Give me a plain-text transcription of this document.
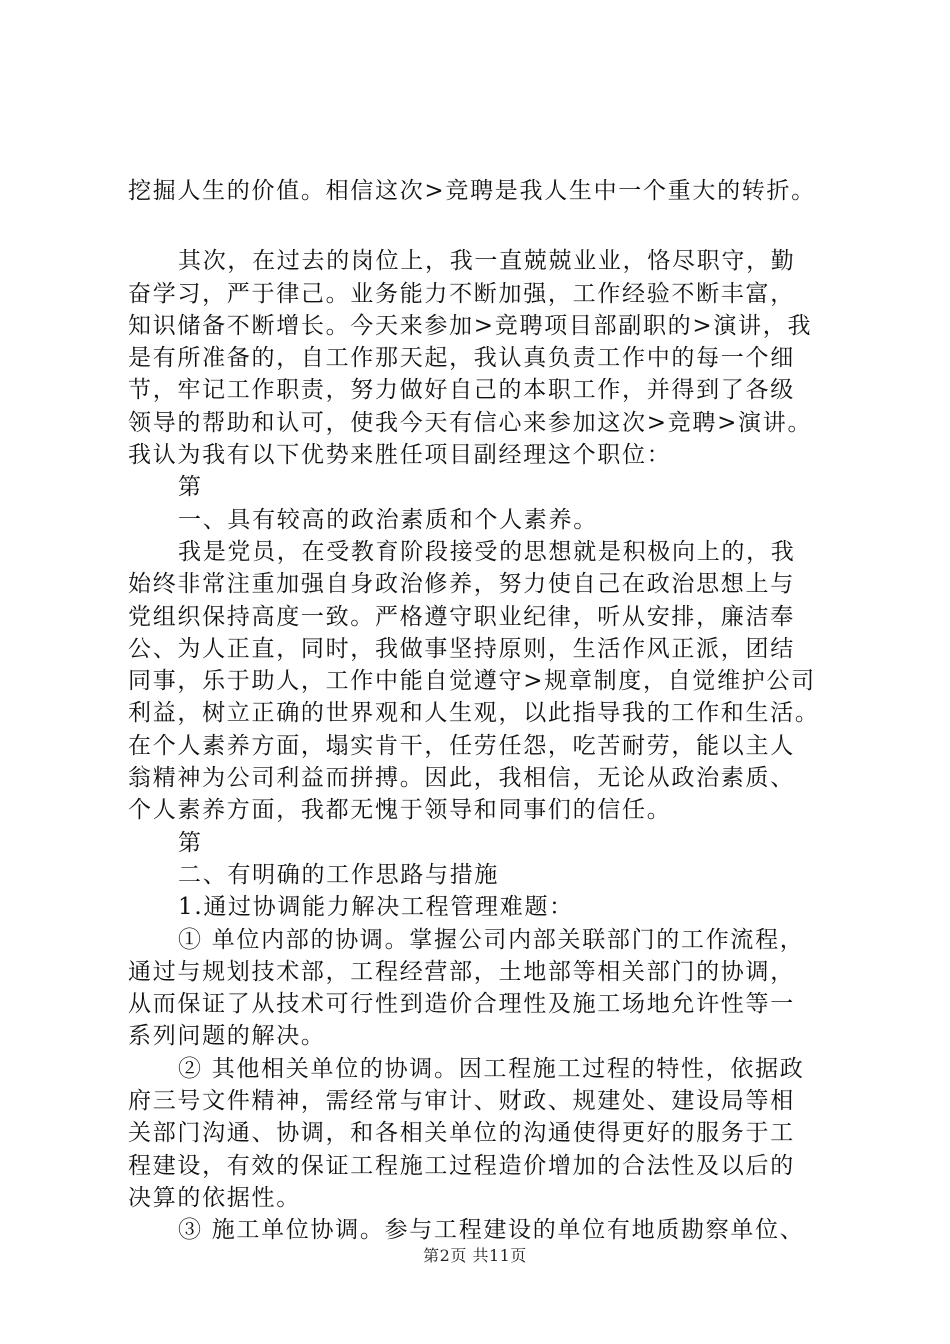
挖掘人生的价值。相信这次>竞聘是我人生中一个重大的转折。
其次，在过去的岗位上，我一直兢兢业业，恪尽职守，勤
奋学习，严于律己。业务能力不断加强，工作经验不断丰富，
知识储备不断增长。今天来参加>竞聘项目部副职的>演讲，我
是有所准备的，自工作那天起，我认真负责工作中的每一个细
节，牢记工作职责，努力做好自己的本职工作，并得到了各级
领导的帮助和认可，使我今天有信心来参加这次>竞聘>演讲。
我认为我有以下优势来胜任项目副经理这个职位：
第
一、具有较高的政治素质和个人素养。
我是党员，在受教育阶段接受的思想就是积极向上的，我
始终非常注重加强自身政治修养，努力使自己在政治思想上与
党组织保持高度一致。严格遵守职业纪律，听从安排，廉洁奉
公、为人正直，同时，我做事坚持原则，生活作风正派，团结
同事，乐于助人，工作中能自觉遵守>规章制度，自觉维护公司
利益，树立正确的世界观和人生观，以此指导我的工作和生活。
在个人素养方面，塌实肯干，任劳任怨，吃苦耐劳，能以主人
翁精神为公司利益而拼搏。因此，我相信，无论从政治素质、
个人素养方面，我都无愧于领导和同事们的信任。
第
二、有明确的工作思路与措施
1.通过协调能力解决工程管理难题：
① 单位内部的协调。掌握公司内部关联部门的工作流程，
通过与规划技术部，工程经营部，土地部等相关部门的协调，
从而保证了从技术可行性到造价合理性及施工场地允许性等一
系列问题的解决。
② 其他相关单位的协调。因工程施工过程的特性，依据政
府三号文件精神，需经常与审计、财政、规建处、建设局等相
关部门沟通、协调，和各相关单位的沟通使得更好的服务于工
程建设，有效的保证工程施工过程造价增加的合法性及以后的
决算的依据性。
③ 施工单位协调。参与工程建设的单位有地质勘察单位、
第2页 共11页
